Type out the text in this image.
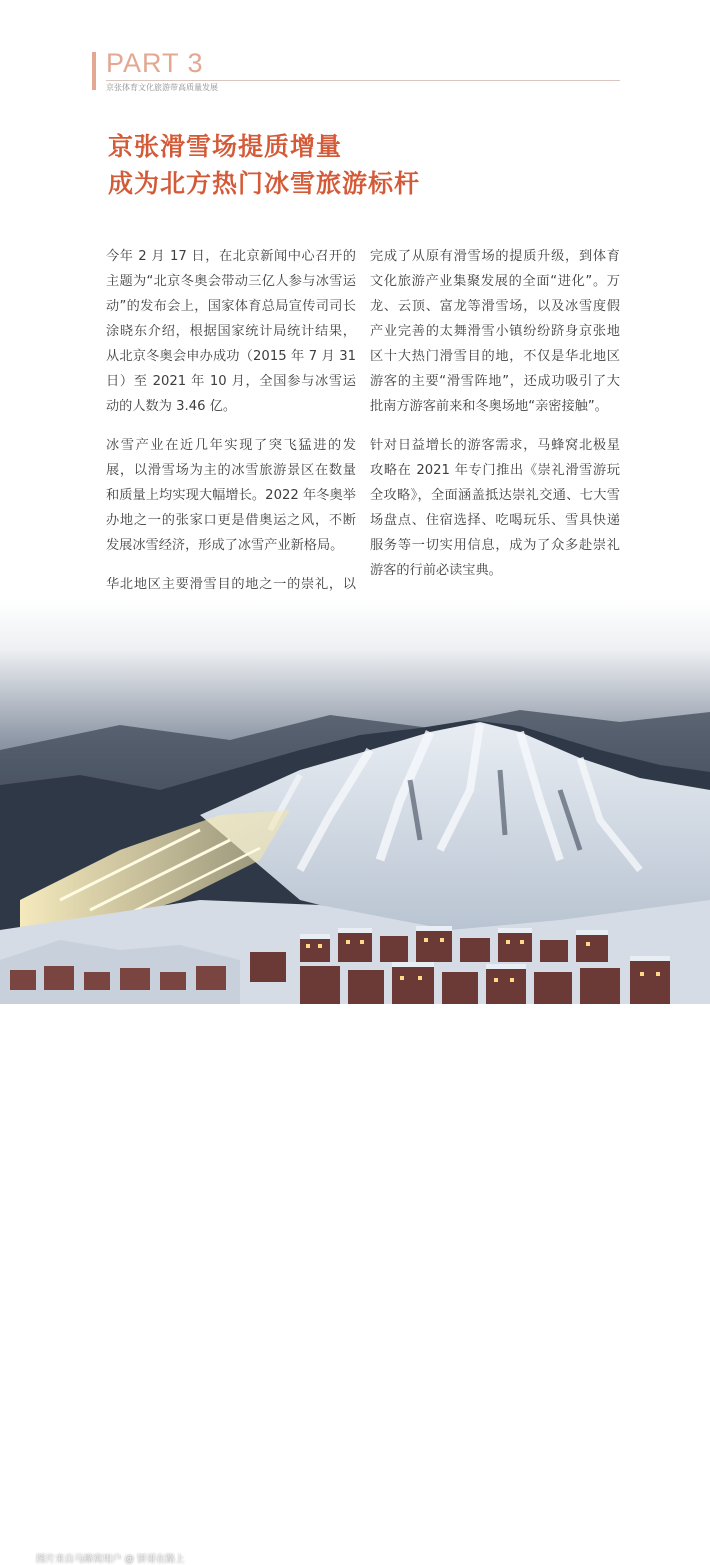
PART 3
京张体育文化旅游带高质量发展
京张滑雪场提质增量
成为北方热门冰雪旅游标杆

今年 2 月 17 日，在北京新闻中心召开的主题为“北京冬奥会带动三亿人参与冰雪运动”的发布会上，国家体育总局宣传司司长涂晓东介绍，根据国家统计局统计结果，从北京冬奥会申办成功（2015 年 7 月 31 日）至 2021 年 10 月，全国参与冰雪运动的人数为 3.46 亿。

冰雪产业在近几年实现了突飞猛进的发展，以滑雪场为主的冰雪旅游景区在数量和质量上均实现大幅增长。2022 年冬奥举办地之一的张家口更是借奥运之风，不断发展冰雪经济，形成了冰雪产业新格局。

华北地区主要滑雪目的地之一的崇礼，以

完成了从原有滑雪场的提质升级，到体育文化旅游产业集聚发展的全面“进化”。万龙、云顶、富龙等滑雪场，以及冰雪度假产业完善的太舞滑雪小镇纷纷跻身京张地区十大热门滑雪目的地，不仅是华北地区游客的主要“滑雪阵地”，还成功吸引了大批南方游客前来和冬奥场地“亲密接触”。

针对日益增长的游客需求，马蜂窝北极星攻略在 2021 年专门推出《崇礼滑雪游玩全攻略》，全面涵盖抵达崇礼交通、七大雪场盘点、住宿选择、吃喝玩乐、雪具快递服务等一切实用信息，成为了众多赴崇礼游客的行前必读宝典。

图片来自马蜂窝用户 @ 饼哥在路上
